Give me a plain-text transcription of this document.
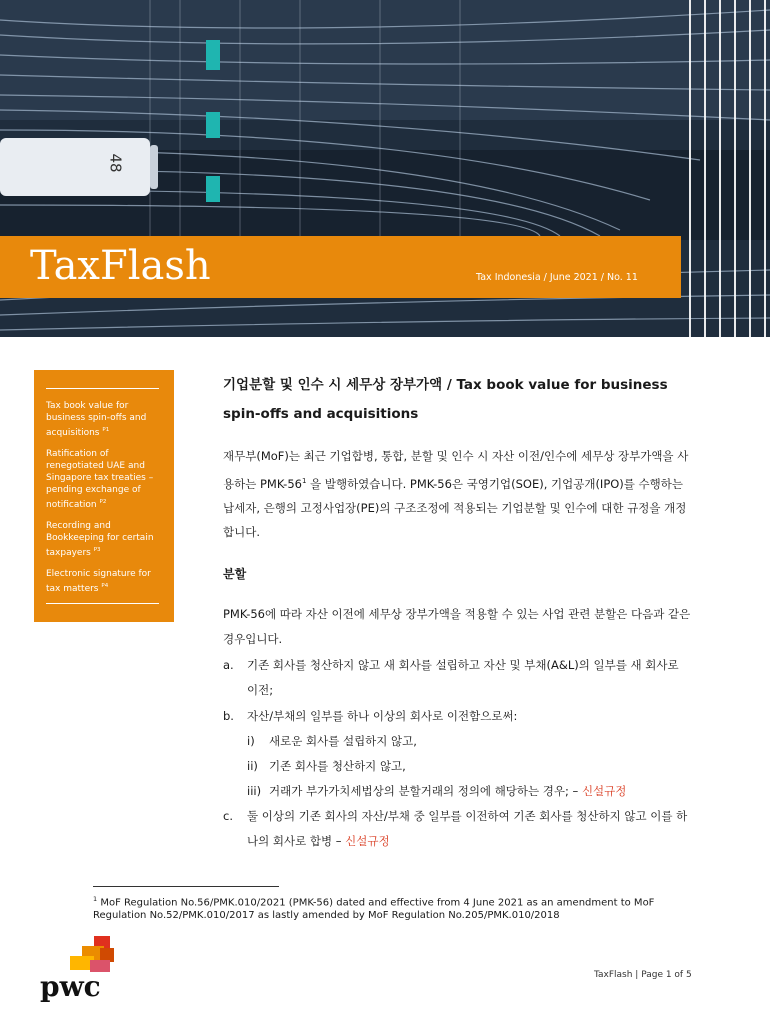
48
TaxFlash	Tax Indonesia / June 2021 / No. 11
Tax book value for business spin-offs and acquisitions $^{P1}$
Ratification of renegotiated UAE and Singapore tax treaties – pending exchange of notification $^{P2}$
Recording and Bookkeeping for certain taxpayers $^{P3}$
Electronic signature for tax matters $^{P4}$
기업분할 및 인수 시 세무상 장부가액 / Tax book value for business spin-offs and acquisitions
재무부(MoF)는 최근 기업합병, 통합, 분할 및 인수 시 자산 이전/인수에 세무상 장부가액을 사용하는 PMK-$56^1$ 을 발행하였습니다. PMK-56은 국영기업(SOE), 기업공개(IPO)를 수행하는 납세자, 은행의 고정사업장(PE)의 구조조정에 적용되는 기업분할 및 인수에 대한 규정을 개정합니다.
분할
PMK-56에 따라 자산 이전에 세무상 장부가액을 적용할 수 있는 사업 관련 분할은 다음과 같은 경우입니다.
a. 기존 회사를 청산하지 않고 새 회사를 설립하고 자산 및 부채(A&L)의 일부를 새 회사로 이전;
b. 자산/부채의 일부를 하나 이상의 회사로 이전함으로써:
i) 새로운 회사를 설립하지 않고,
ii) 기존 회사를 청산하지 않고,
iii) 거래가 부가가치세법상의 분할거래의 정의에 해당하는 경우; – 신설규정
c. 둘 이상의 기존 회사의 자산/부채 중 일부를 이전하여 기존 회사를 청산하지 않고 이를 하나의 회사로 합병 – 신설규정
$^1$ MoF Regulation No.56/PMK.010/2021 (PMK-56) dated and effective from 4 June 2021 as an amendment to MoF Regulation No.52/PMK.010/2017 as lastly amended by MoF Regulation No.205/PMK.010/2018
pwc	TaxFlash | Page 1 of 5
